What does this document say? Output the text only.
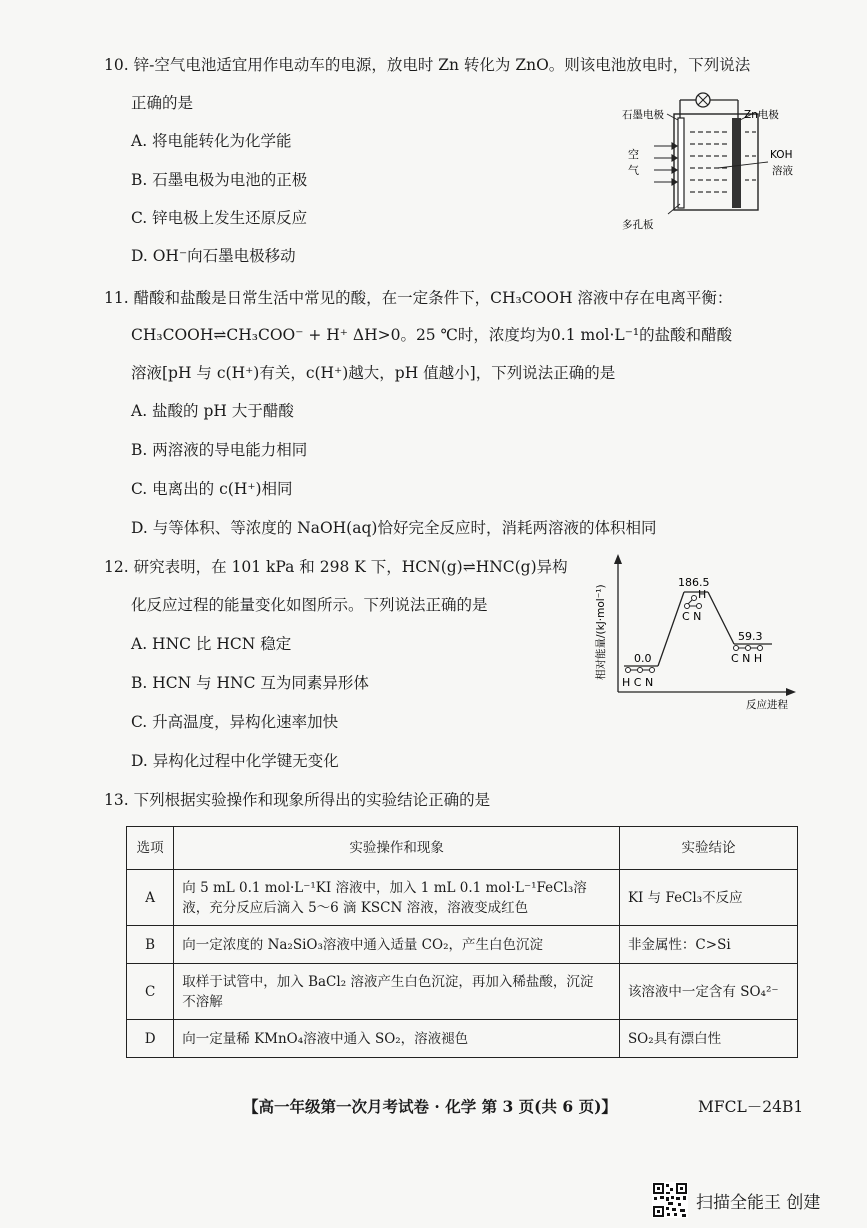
10. 锌-空气电池适宜用作电动车的电源，放电时 Zn 转化为 ZnO。则该电池放电时，下列说法
正确的是
A. 将电能转化为化学能
B. 石墨电极为电池的正极
C. 锌电极上发生还原反应
D. OH⁻向石墨电极移动
石墨电极	Zn电极
空
气
KOH
溶液
多孔板
11. 醋酸和盐酸是日常生活中常见的酸，在一定条件下，CH₃COOH 溶液中存在电离平衡：
CH₃COOH⇌CH₃COO⁻ + H⁺ ΔH>0。25 ℃时，浓度均为0.1 mol·L⁻¹的盐酸和醋酸
溶液[pH 与 c(H⁺)有关，c(H⁺)越大，pH 值越小]，下列说法正确的是
A. 盐酸的 pH 大于醋酸
B. 两溶液的导电能力相同
C. 电离出的 c(H⁺)相同
D. 与等体积、等浓度的 NaOH(aq)恰好完全反应时，消耗两溶液的体积相同
12. 研究表明，在 101 kPa 和 298 K 下，HCN(g)⇌HNC(g)异构
化反应过程的能量变化如图所示。下列说法正确的是
A. HNC 比 HCN 稳定
B. HCN 与 HNC 互为同素异形体
C. 升高温度，异构化速率加快
D. 异构化过程中化学键无变化
相对能量/(kJ·mol⁻¹)
反应进程
0.0
186.5
59.3
H C N
H
C N
C N H
13. 下列根据实验操作和现象所得出的实验结论正确的是
选项	实验操作和现象	实验结论
A	向 5 mL 0.1 mol·L⁻¹KI 溶液中，加入 1 mL 0.1 mol·L⁻¹FeCl₃溶
液，充分反应后滴入 5～6 滴 KSCN 溶液，溶液变成红色	KI 与 FeCl₃不反应
B	向一定浓度的 Na₂SiO₃溶液中通入适量 CO₂，产生白色沉淀	非金属性：C>Si
C	取样于试管中，加入 BaCl₂ 溶液产生白色沉淀，再加入稀盐酸，沉淀
不溶解	该溶液中一定含有 SO₄²⁻
D	向一定量稀 KMnO₄溶液中通入 SO₂，溶液褪色	SO₂具有漂白性
【高一年级第一次月考试卷 · 化学 第 3 页(共 6 页)】	MFCL－24B1
扫描全能王 创建
